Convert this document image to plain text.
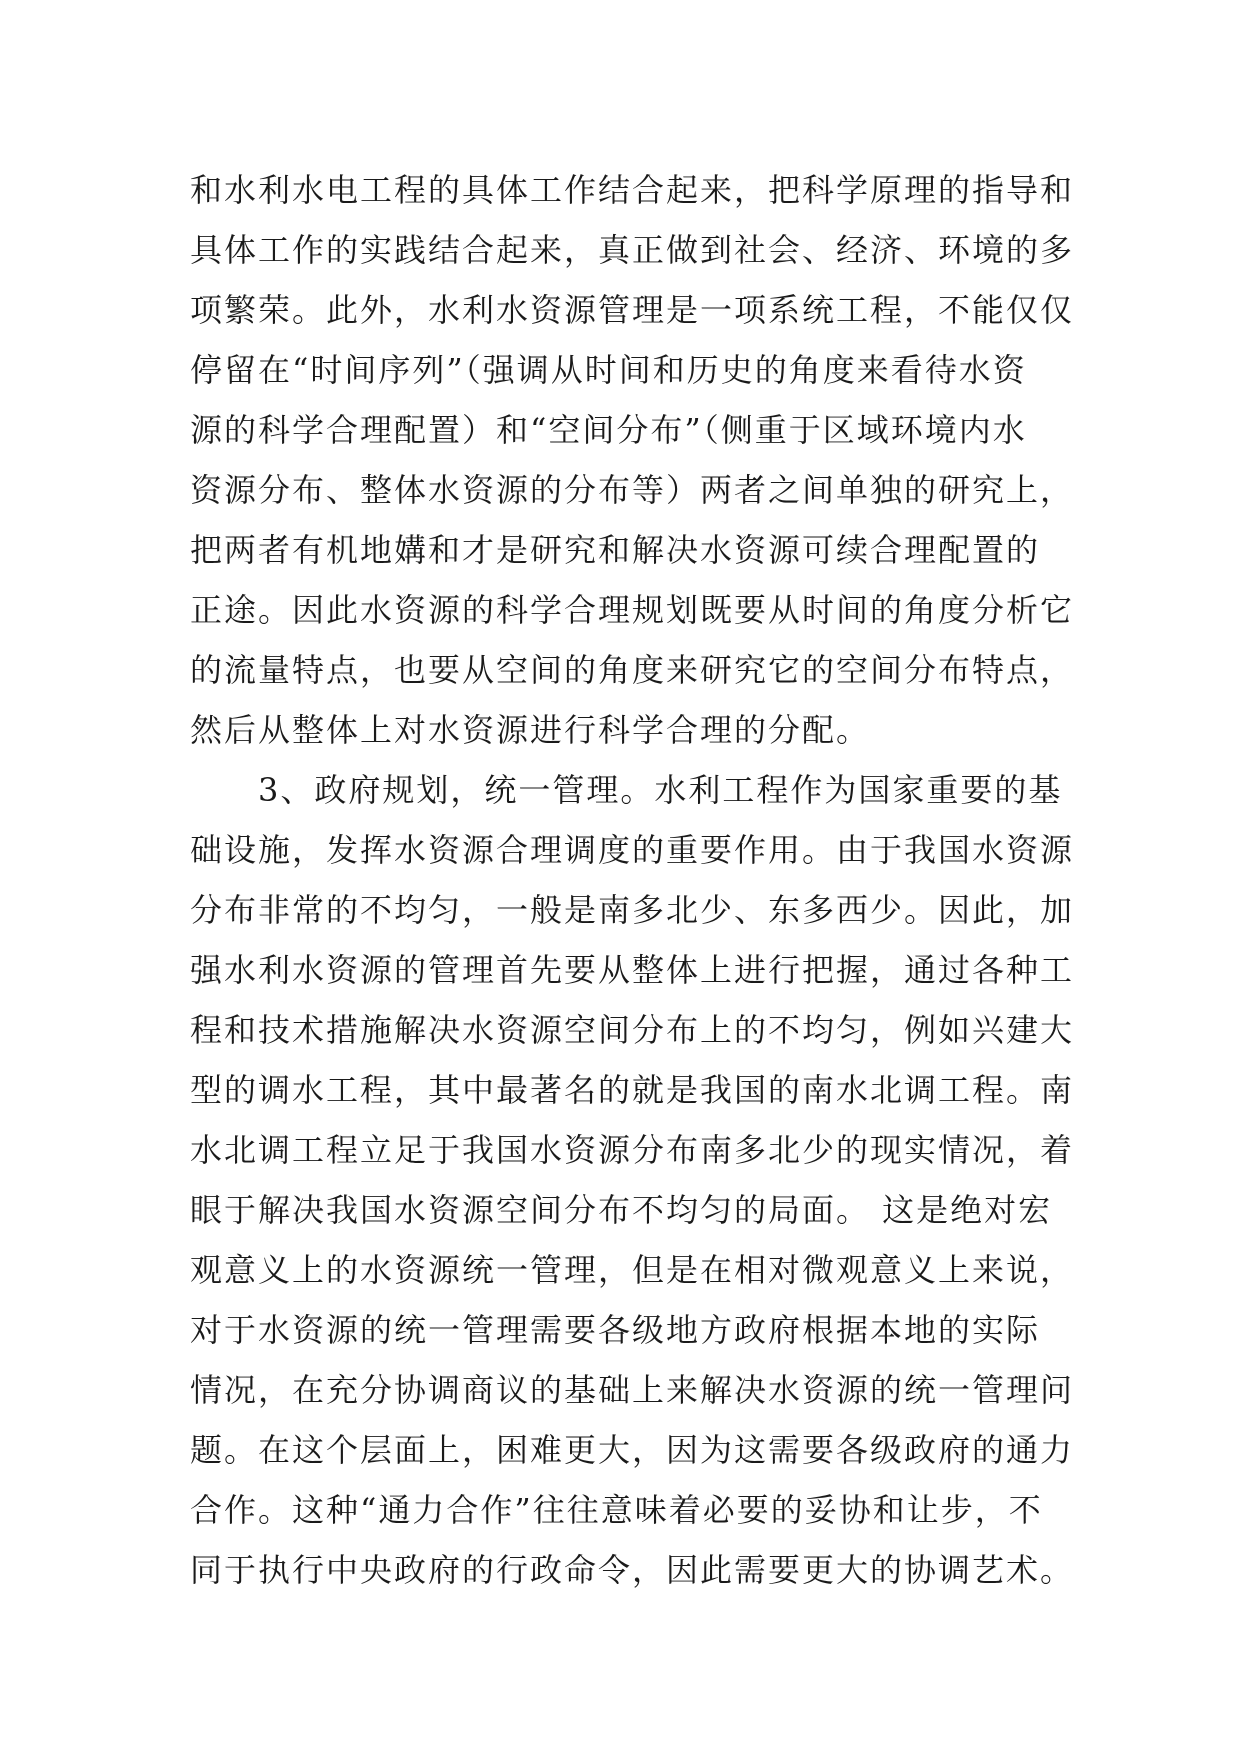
和水利水电工程的具体工作结合起来，把科学原理的指导和
具体工作的实践结合起来，真正做到社会、经济、环境的多
项繁荣。此外，水利水资源管理是一项系统工程，不能仅仅
停留在“时间序列”（强调从时间和历史的角度来看待水资
源的科学合理配置）和“空间分布”（侧重于区域环境内水
资源分布、整体水资源的分布等）两者之间单独的研究上，
把两者有机地媾和才是研究和解决水资源可续合理配置的
正途。因此水资源的科学合理规划既要从时间的角度分析它
的流量特点，也要从空间的角度来研究它的空间分布特点，
然后从整体上对水资源进行科学合理的分配。
　　3、政府规划，统一管理。水利工程作为国家重要的基
础设施，发挥水资源合理调度的重要作用。由于我国水资源
分布非常的不均匀，一般是南多北少、东多西少。因此，加
强水利水资源的管理首先要从整体上进行把握，通过各种工
程和技术措施解决水资源空间分布上的不均匀，例如兴建大
型的调水工程，其中最著名的就是我国的南水北调工程。南
水北调工程立足于我国水资源分布南多北少的现实情况，着
眼于解决我国水资源空间分布不均匀的局面。 这是绝对宏
观意义上的水资源统一管理，但是在相对微观意义上来说，
对于水资源的统一管理需要各级地方政府根据本地的实际
情况，在充分协调商议的基础上来解决水资源的统一管理问
题。在这个层面上，困难更大，因为这需要各级政府的通力
合作。这种“通力合作”往往意味着必要的妥协和让步，不
同于执行中央政府的行政命令，因此需要更大的协调艺术。
